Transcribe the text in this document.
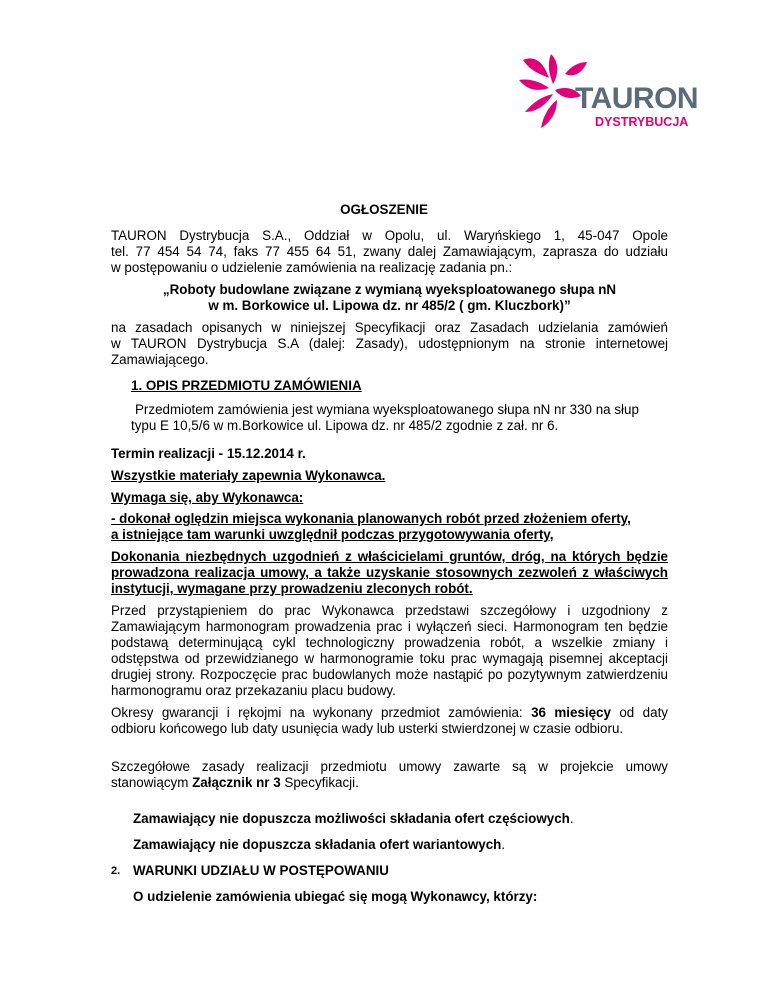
TAURON
DYSTRYBUCJA
OGŁOSZENIE

TAURON Dystrybucja S.A., Oddział w Opolu, ul. Waryńskiego 1, 45-047 Opole

tel. 77 454 54 74, faks 77 455 64 51, zwany dalej Zamawiającym, zaprasza do udziału

w postępowaniu o udzielenie zamówienia na realizację zadania pn.:

„Roboty budowlane związane z wymianą wyeksploatowanego słupa nN

w m. Borkowice ul. Lipowa dz. nr 485/2 ( gm. Kluczbork)”

na zasadach opisanych w niniejszej Specyfikacji oraz Zasadach udzielania zamówień

w TAURON Dystrybucja S.A (dalej: Zasady), udostępnionym na stronie internetowej

Zamawiającego.

1. OPIS PRZEDMIOTU ZAMÓWIENIA

Przedmiotem zamówienia jest wymiana wyeksploatowanego słupa nN nr 330 na słup

typu E 10,5/6 w m.Borkowice ul. Lipowa dz. nr 485/2 zgodnie z zał. nr 6.

Termin realizacji - 15.12.2014 r.

Wszystkie materiały zapewnia Wykonawca.

Wymaga się, aby Wykonawca:

- dokonał oględzin miejsca wykonania planowanych robót przed złożeniem oferty,

a istniejące tam warunki uwzględnił podczas przygotowywania oferty,

Dokonania niezbędnych uzgodnień z właścicielami gruntów, dróg, na których będzie

prowadzona realizacja umowy, a także uzyskanie stosownych zezwoleń z właściwych

instytucji, wymagane przy prowadzeniu zleconych robót.

Przed przystąpieniem do prac Wykonawca przedstawi szczegółowy i uzgodniony z

Zamawiającym harmonogram prowadzenia prac i wyłączeń sieci. Harmonogram ten będzie

podstawą determinującą cykl technologiczny prowadzenia robót, a wszelkie zmiany i

odstępstwa od przewidzianego w harmonogramie toku prac wymagają pisemnej akceptacji

drugiej strony. Rozpoczęcie prac budowlanych może nastąpić po pozytywnym zatwierdzeniu

harmonogramu oraz przekazaniu placu budowy.

Okresy gwarancji i rękojmi na wykonany przedmiot zamówienia: 36 miesięcy od daty

odbioru końcowego lub daty usunięcia wady lub usterki stwierdzonej w czasie odbioru.

Szczegółowe zasady realizacji przedmiotu umowy zawarte są w projekcie umowy

stanowiącym Załącznik nr 3 Specyfikacji.

Zamawiający nie dopuszcza możliwości składania ofert częściowych.

Zamawiający nie dopuszcza składania ofert wariantowych.

2. WARUNKI UDZIAŁU W POSTĘPOWANIU

O udzielenie zamówienia ubiegać się mogą Wykonawcy, którzy:
